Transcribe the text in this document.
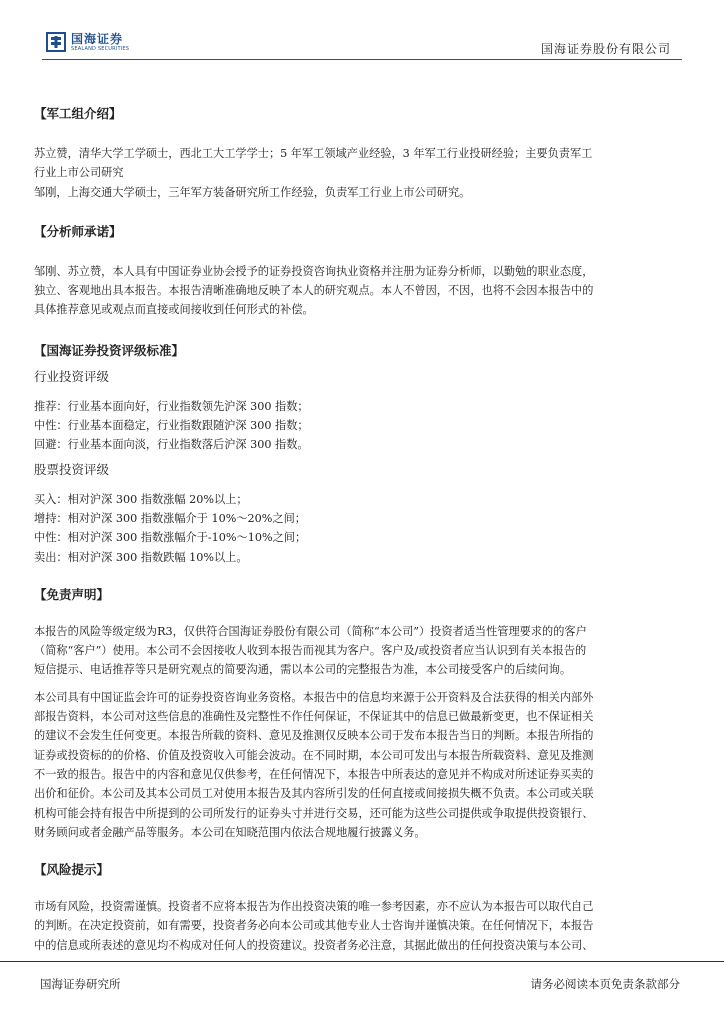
国海证券
SEALAND SECURITIES	国海证券股份有限公司
【军工组介绍】
苏立赞，清华大学工学硕士，西北工大工学学士；5 年军工领域产业经验，3 年军工行业投研经验；主要负责军工
行业上市公司研究
邹刚，上海交通大学硕士，三年军方装备研究所工作经验，负责军工行业上市公司研究。
【分析师承诺】
邹刚、苏立赞，本人具有中国证券业协会授予的证券投资咨询执业资格并注册为证券分析师，以勤勉的职业态度，
独立、客观地出具本报告。本报告清晰准确地反映了本人的研究观点。本人不曾因，不因，也将不会因本报告中的
具体推荐意见或观点而直接或间接收到任何形式的补偿。
【国海证券投资评级标准】
行业投资评级
推荐：行业基本面向好，行业指数领先沪深 300 指数；
中性：行业基本面稳定，行业指数跟随沪深 300 指数；
回避：行业基本面向淡，行业指数落后沪深 300 指数。
股票投资评级
买入：相对沪深 300 指数涨幅 20%以上；
增持：相对沪深 300 指数涨幅介于 10%～20%之间；
中性：相对沪深 300 指数涨幅介于-10%～10%之间；
卖出：相对沪深 300 指数跌幅 10%以上。
【免责声明】
本报告的风险等级定级为R3，仅供符合国海证券股份有限公司（简称“本公司”）投资者适当性管理要求的的客户
（简称“客户”）使用。本公司不会因接收人收到本报告而视其为客户。客户及/或投资者应当认识到有关本报告的
短信提示、电话推荐等只是研究观点的简要沟通，需以本公司的完整报告为准，本公司接受客户的后续问询。
本公司具有中国证监会许可的证券投资咨询业务资格。本报告中的信息均来源于公开资料及合法获得的相关内部外
部报告资料，本公司对这些信息的准确性及完整性不作任何保证，不保证其中的信息已做最新变更，也不保证相关
的建议不会发生任何变更。本报告所载的资料、意见及推测仅反映本公司于发布本报告当日的判断。本报告所指的
证券或投资标的的价格、价值及投资收入可能会波动。在不同时期，本公司可发出与本报告所载资料、意见及推测
不一致的报告。报告中的内容和意见仅供参考，在任何情况下，本报告中所表达的意见并不构成对所述证券买卖的
出价和征价。本公司及其本公司员工对使用本报告及其内容所引发的任何直接或间接损失概不负责。本公司或关联
机构可能会持有报告中所提到的公司所发行的证券头寸并进行交易，还可能为这些公司提供或争取提供投资银行、
财务顾问或者金融产品等服务。本公司在知晓范围内依法合规地履行披露义务。
【风险提示】
市场有风险，投资需谨慎。投资者不应将本报告为作出投资决策的唯一参考因素，亦不应认为本报告可以取代自己
的判断。在决定投资前，如有需要，投资者务必向本公司或其他专业人士咨询并谨慎决策。在任何情况下，本报告
中的信息或所表述的意见均不构成对任何人的投资建议。投资者务必注意，其据此做出的任何投资决策与本公司、
国海证券研究所	请务必阅读本页免责条款部分
